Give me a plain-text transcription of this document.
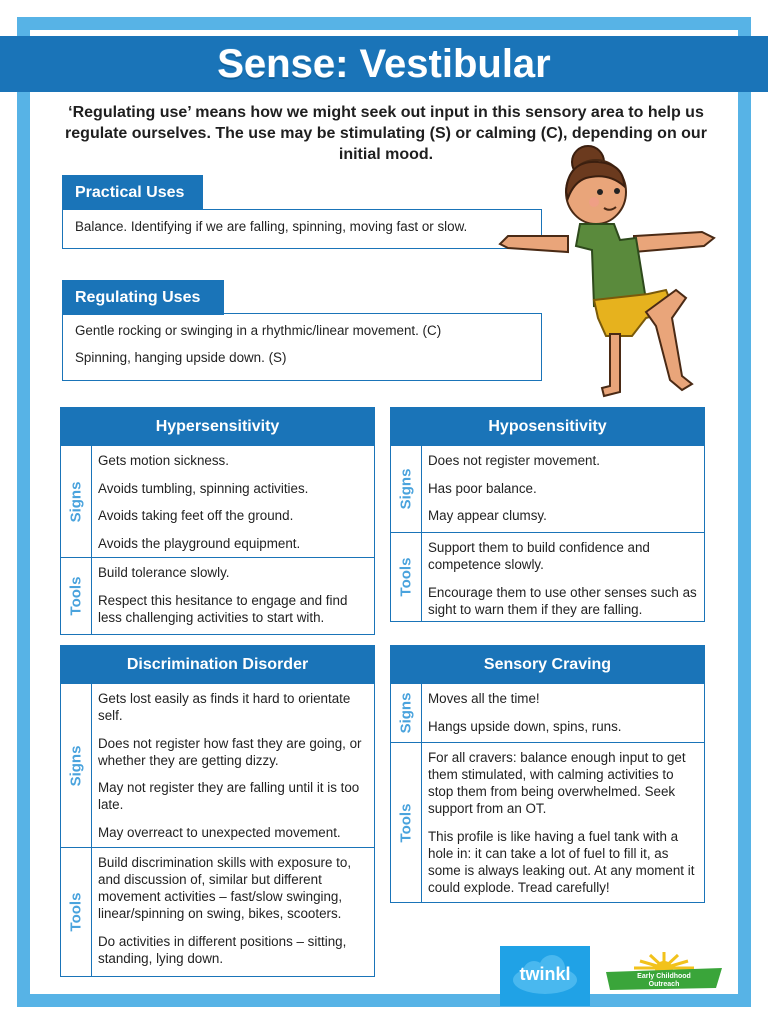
Sense: Vestibular
‘Regulating use’ means how we might seek out input in this sensory area to help us regulate ourselves. The use may be stimulating (S) or calming (C), depending on our initial mood.

Balance. Identifying if we are falling, spinning, moving fast or slow.

Practical Uses

Gentle rocking or swinging in a rhythmic/linear movement. (C)

Spinning, hanging upside down. (S)

Regulating Uses
Hypersensitivity
Signs

Gets motion sickness.

Avoids tumbling, spinning activities.

Avoids taking feet off the ground.

Avoids the playground equipment.

Tools

Build tolerance slowly.

Respect this hesitance to engage and find less challenging activities to start with.

Hyposensitivity
Signs

Does not register movement.

Has poor balance.

May appear clumsy.

Tools

Support them to build confidence and competence slowly.

Encourage them to use other senses such as sight to warn them if they are falling.

Discrimination Disorder
Signs

Gets lost easily as finds it hard to orientate self.

Does not register how fast they are going, or whether they are getting dizzy.

May not register they are falling until it is too late.

May overreact to unexpected movement.

Tools

Build discrimination skills with exposure to, and discussion of, similar but different movement activities – fast/slow swinging, linear/spinning on swing, bikes, scooters.

Do activities in different positions – sitting, standing, lying down.

Sensory Craving
Signs Moves all the time!

Hangs upside down, spins, runs.

Tools

For all cravers: balance enough input to get them stimulated, with calming activities to stop them from being overwhelmed. Seek support from an OT.

This profile is like having a fuel tank with a hole in: it can take a lot of fuel to fill it, as some is always leaking out. At any moment it could explode. Tread carefully!

twinkl	Early Childhood
Outreach
